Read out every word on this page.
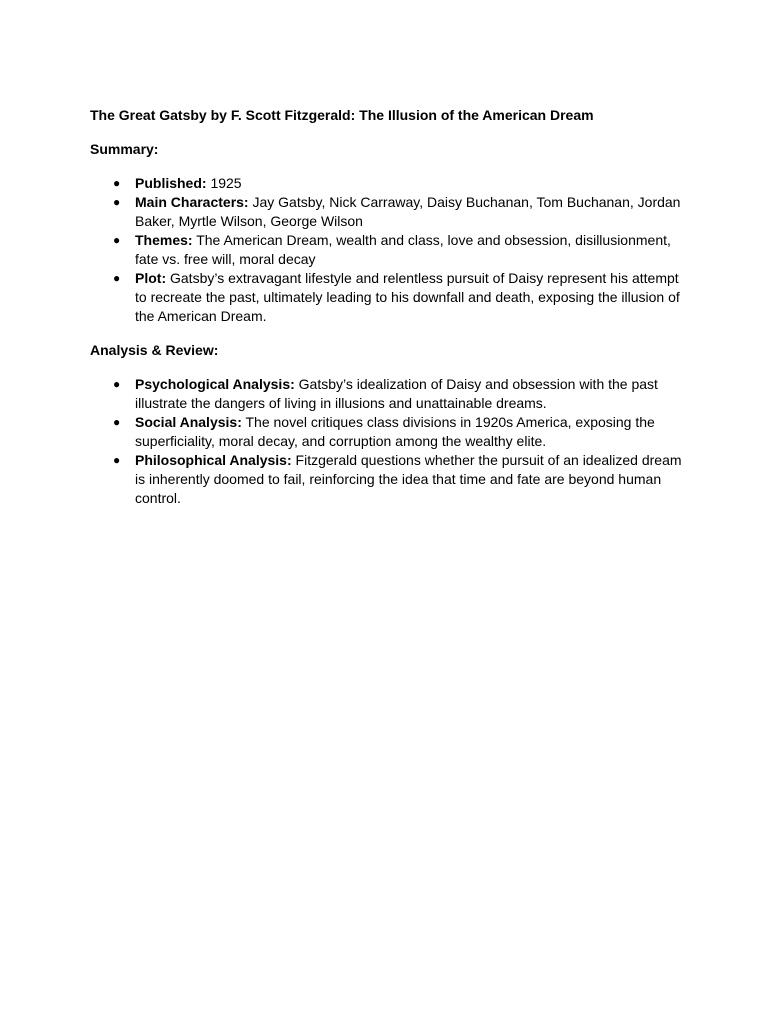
The Great Gatsby by F. Scott Fitzgerald: The Illusion of the American Dream

Summary:

● Published: 1925
● Main Characters: Jay Gatsby, Nick Carraway, Daisy Buchanan, Tom Buchanan, Jordan Baker, Myrtle Wilson, George Wilson
● Themes: The American Dream, wealth and class, love and obsession, disillusionment, fate vs. free will, moral decay
● Plot: Gatsby’s extravagant lifestyle and relentless pursuit of Daisy represent his attempt to recreate the past, ultimately leading to his downfall and death, exposing the illusion of the American Dream.

Analysis & Review:

● Psychological Analysis: Gatsby’s idealization of Daisy and obsession with the past illustrate the dangers of living in illusions and unattainable dreams.
● Social Analysis: The novel critiques class divisions in 1920s America, exposing the superficiality, moral decay, and corruption among the wealthy elite.
● Philosophical Analysis: Fitzgerald questions whether the pursuit of an idealized dream is inherently doomed to fail, reinforcing the idea that time and fate are beyond human control.
